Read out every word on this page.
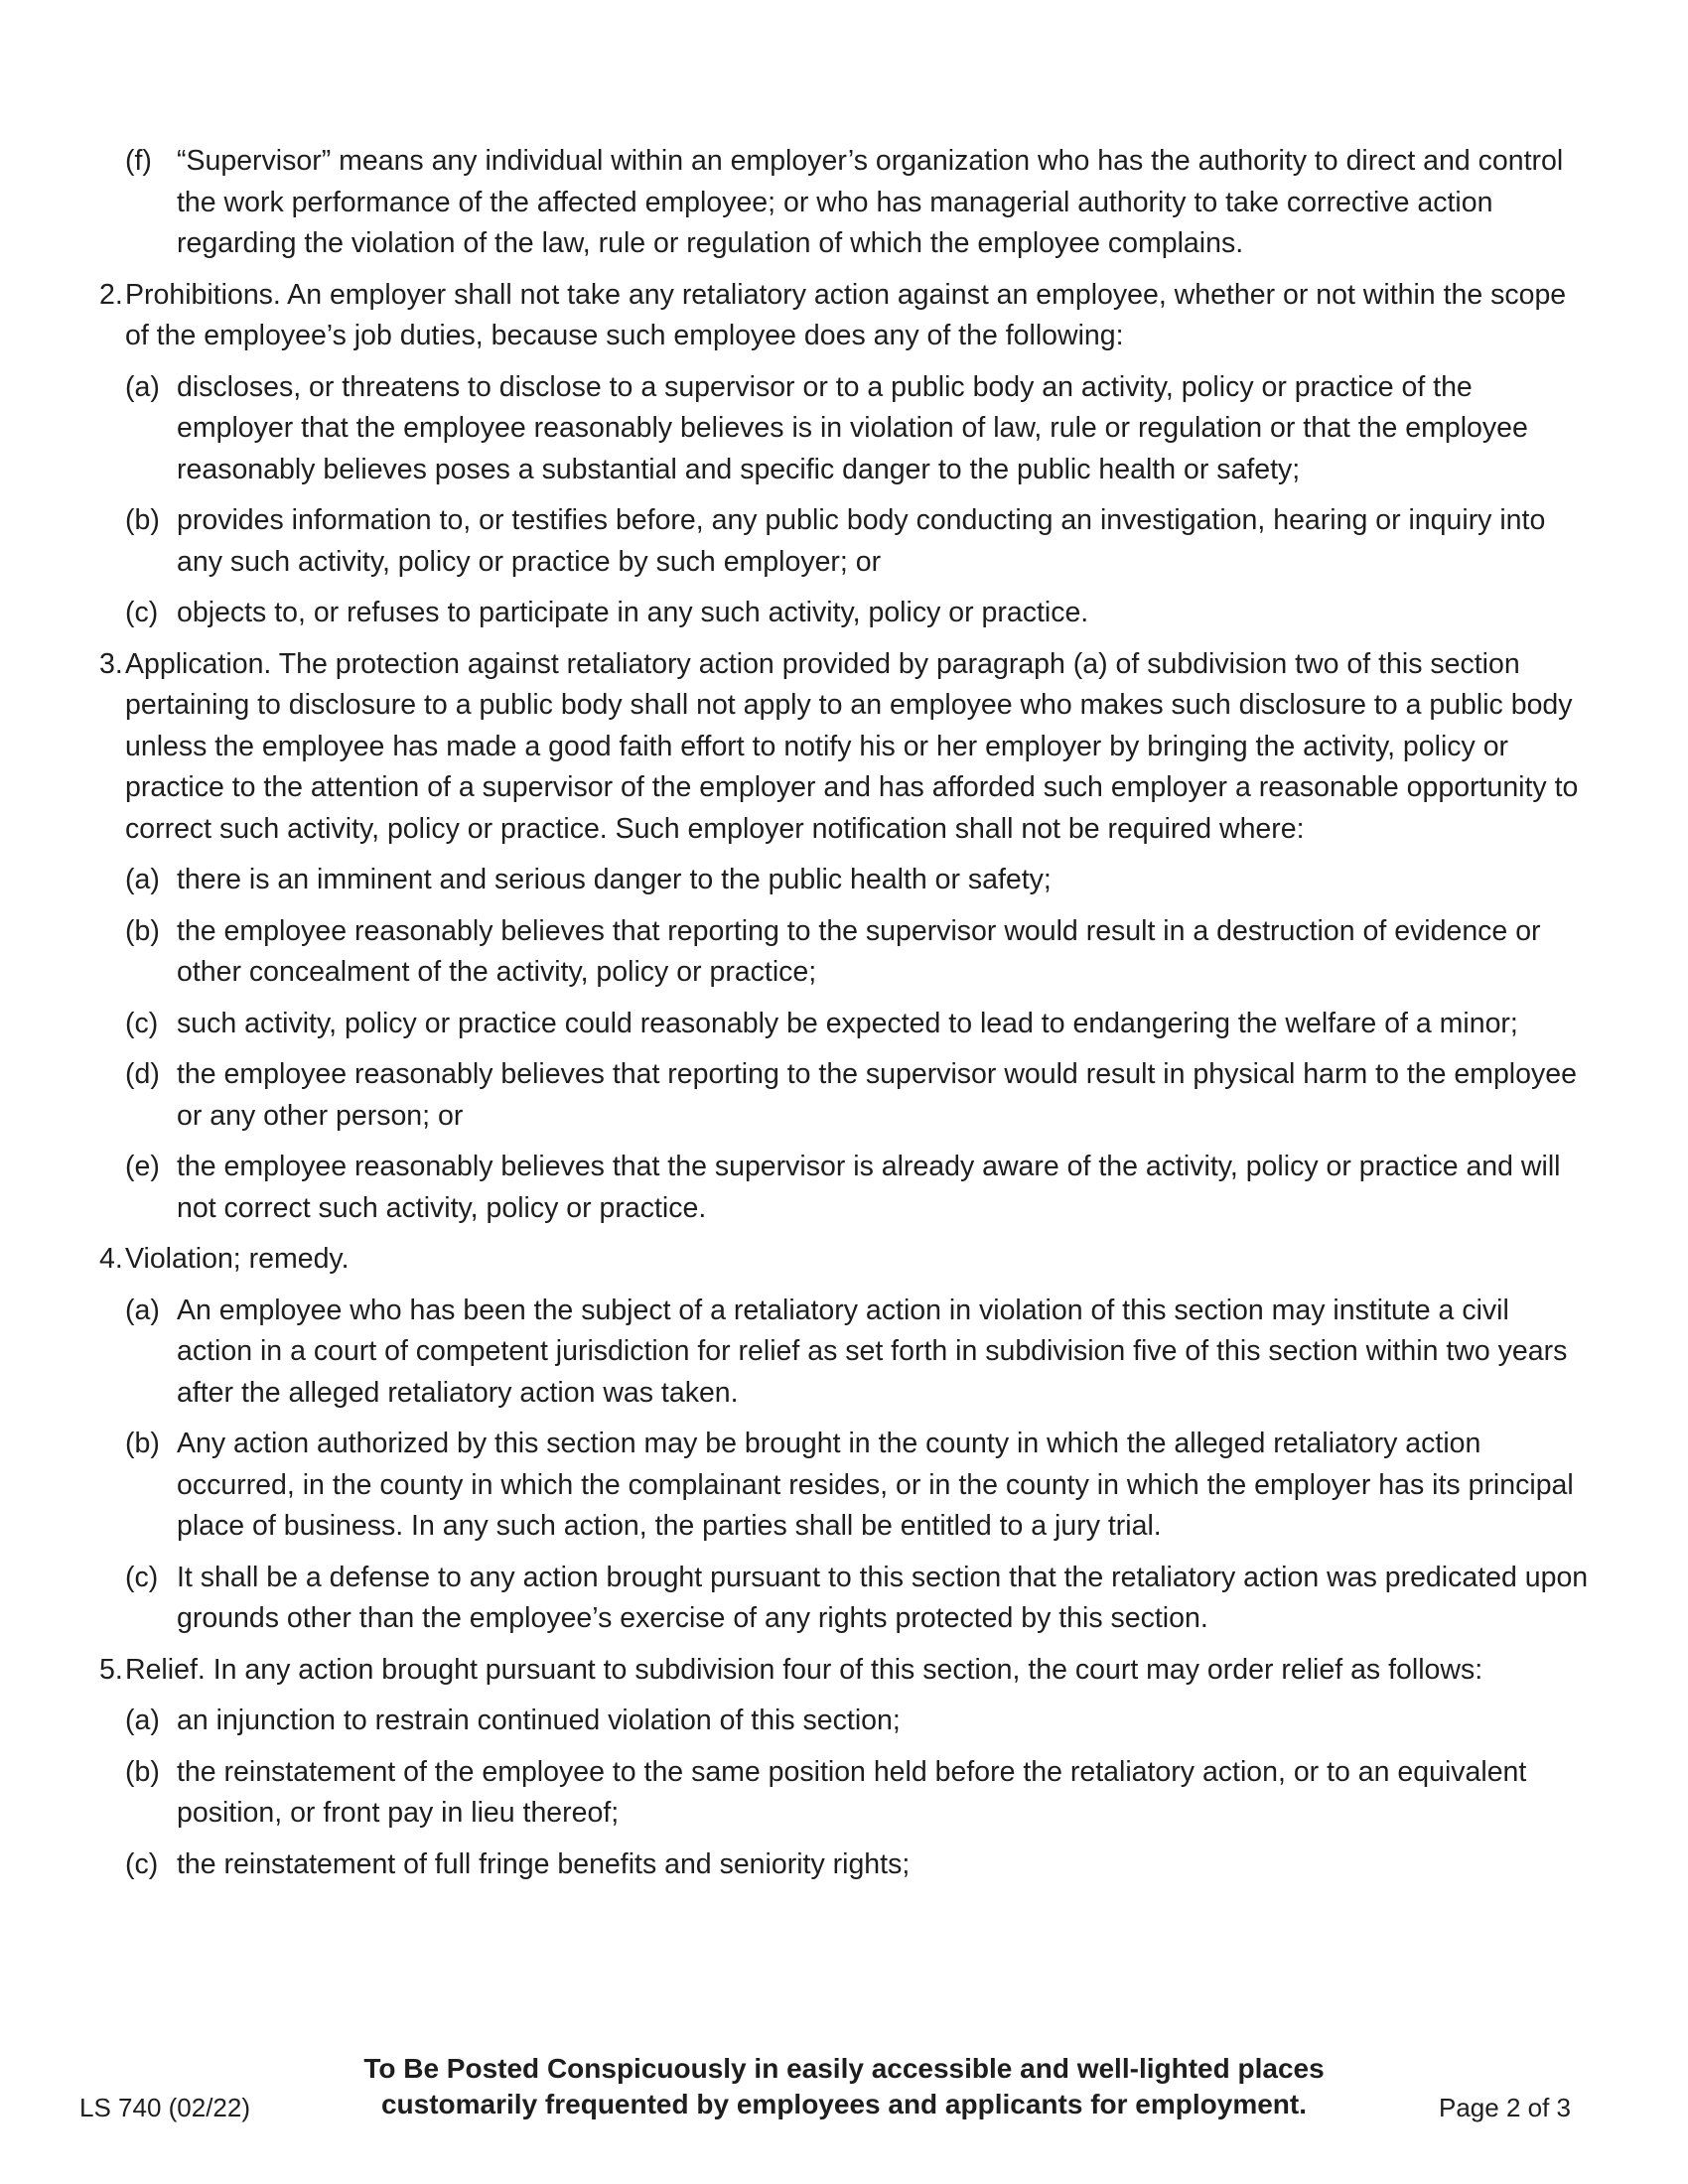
(f) “Supervisor” means any individual within an employer’s organization who has the authority to direct and control the work performance of the affected employee; or who has managerial authority to take corrective action regarding the violation of the law, rule or regulation of which the employee complains.
2. Prohibitions. An employer shall not take any retaliatory action against an employee, whether or not within the scope of the employee’s job duties, because such employee does any of the following:
(a) discloses, or threatens to disclose to a supervisor or to a public body an activity, policy or practice of the employer that the employee reasonably believes is in violation of law, rule or regulation or that the employee reasonably believes poses a substantial and specific danger to the public health or safety;
(b) provides information to, or testifies before, any public body conducting an investigation, hearing or inquiry into any such activity, policy or practice by such employer; or
(c) objects to, or refuses to participate in any such activity, policy or practice.
3. Application. The protection against retaliatory action provided by paragraph (a) of subdivision two of this section pertaining to disclosure to a public body shall not apply to an employee who makes such disclosure to a public body unless the employee has made a good faith effort to notify his or her employer by bringing the activity, policy or practice to the attention of a supervisor of the employer and has afforded such employer a reasonable opportunity to correct such activity, policy or practice. Such employer notification shall not be required where:
(a) there is an imminent and serious danger to the public health or safety;
(b) the employee reasonably believes that reporting to the supervisor would result in a destruction of evidence or other concealment of the activity, policy or practice;
(c) such activity, policy or practice could reasonably be expected to lead to endangering the welfare of a minor;
(d) the employee reasonably believes that reporting to the supervisor would result in physical harm to the employee or any other person; or
(e) the employee reasonably believes that the supervisor is already aware of the activity, policy or practice and will not correct such activity, policy or practice.
4. Violation; remedy.
(a) An employee who has been the subject of a retaliatory action in violation of this section may institute a civil action in a court of competent jurisdiction for relief as set forth in subdivision five of this section within two years after the alleged retaliatory action was taken.
(b) Any action authorized by this section may be brought in the county in which the alleged retaliatory action occurred, in the county in which the complainant resides, or in the county in which the employer has its principal place of business. In any such action, the parties shall be entitled to a jury trial.
(c) It shall be a defense to any action brought pursuant to this section that the retaliatory action was predicated upon grounds other than the employee’s exercise of any rights protected by this section.
5. Relief. In any action brought pursuant to subdivision four of this section, the court may order relief as follows:
(a) an injunction to restrain continued violation of this section;
(b) the reinstatement of the employee to the same position held before the retaliatory action, or to an equivalent position, or front pay in lieu thereof;
(c) the reinstatement of full fringe benefits and seniority rights;
LS 740 (02/22)
To Be Posted Conspicuously in easily accessible and well-lighted places
customarily frequented by employees and applicants for employment.	Page 2 of 3
